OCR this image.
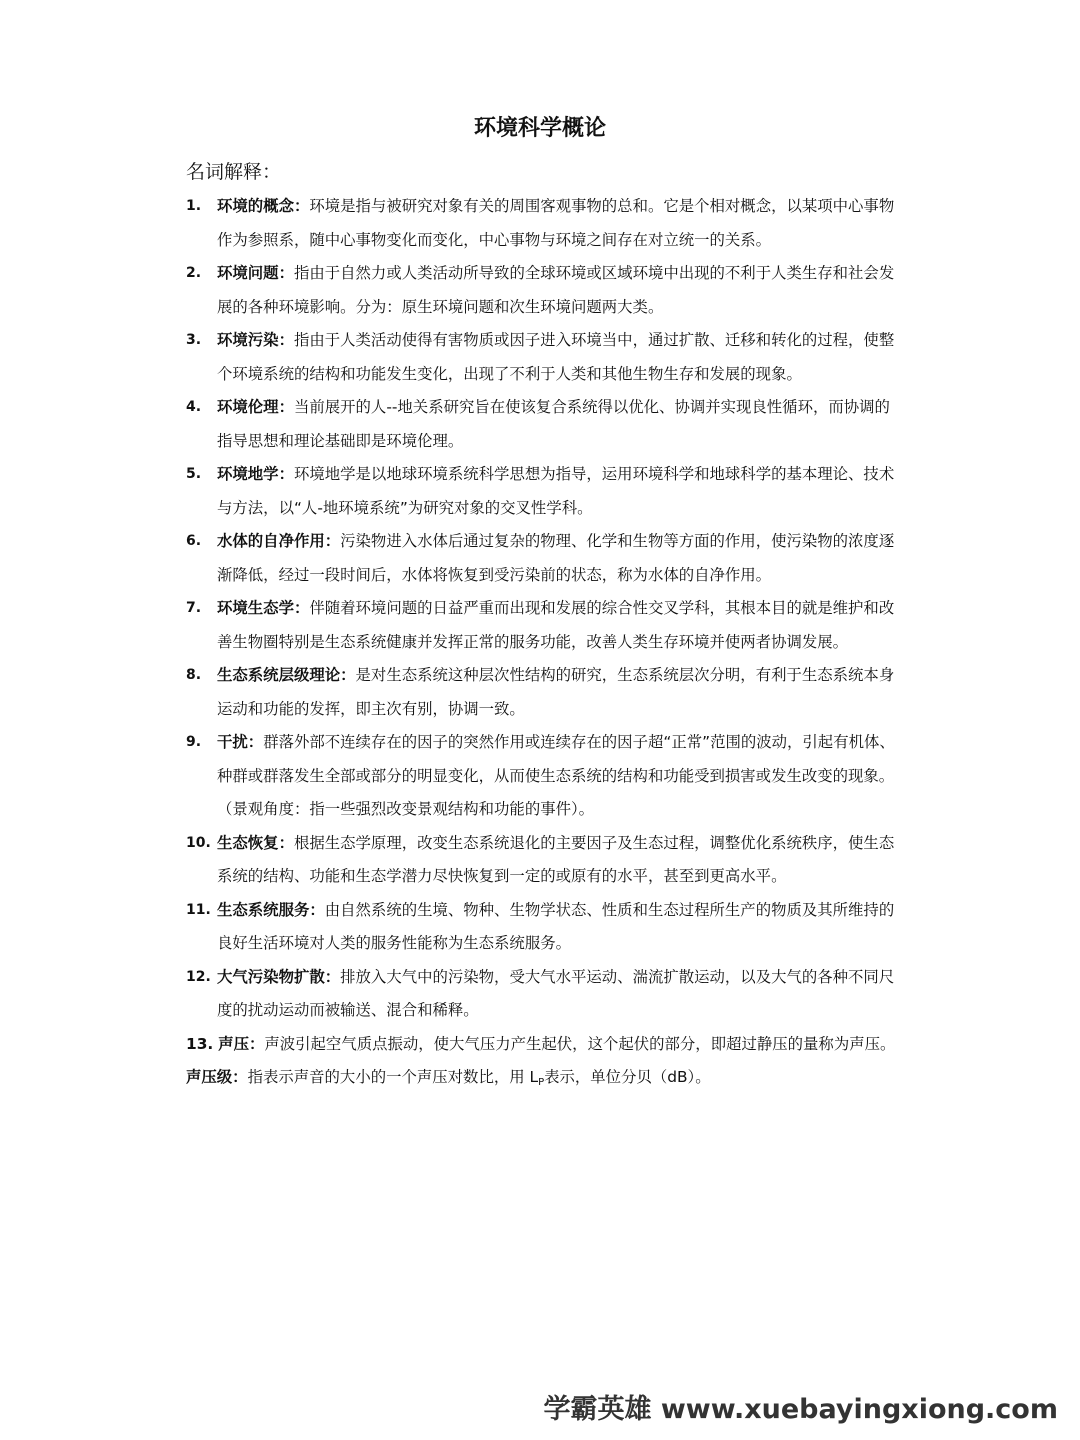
环境科学概论
名词解释：
1. 环境的概念：环境是指与被研究对象有关的周围客观事物的总和。它是个相对概念，以某项中心事物作为参照系，随中心事物变化而变化，中心事物与环境之间存在对立统一的关系。
2. 环境问题：指由于自然力或人类活动所导致的全球环境或区域环境中出现的不利于人类生存和社会发展的各种环境影响。分为：原生环境问题和次生环境问题两大类。
3. 环境污染：指由于人类活动使得有害物质或因子进入环境当中，通过扩散、迁移和转化的过程，使整个环境系统的结构和功能发生变化，出现了不利于人类和其他生物生存和发展的现象。
4. 环境伦理：当前展开的人--地关系研究旨在使该复合系统得以优化、协调并实现良性循环，而协调的指导思想和理论基础即是环境伦理。
5. 环境地学：环境地学是以地球环境系统科学思想为指导，运用环境科学和地球科学的基本理论、技术与方法，以“人-地环境系统”为研究对象的交叉性学科。
6. 水体的自净作用：污染物进入水体后通过复杂的物理、化学和生物等方面的作用，使污染物的浓度逐渐降低，经过一段时间后，水体将恢复到受污染前的状态，称为水体的自净作用。
7. 环境生态学：伴随着环境问题的日益严重而出现和发展的综合性交叉学科，其根本目的就是维护和改善生物圈特别是生态系统健康并发挥正常的服务功能，改善人类生存环境并使两者协调发展。
8. 生态系统层级理论：是对生态系统这种层次性结构的研究，生态系统层次分明，有利于生态系统本身运动和功能的发挥，即主次有别，协调一致。
9. 干扰：群落外部不连续存在的因子的突然作用或连续存在的因子超“正常”范围的波动，引起有机体、种群或群落发生全部或部分的明显变化，从而使生态系统的结构和功能受到损害或发生改变的现象。（景观角度：指一些强烈改变景观结构和功能的事件）。
10. 生态恢复：根据生态学原理，改变生态系统退化的主要因子及生态过程，调整优化系统秩序，使生态系统的结构、功能和生态学潜力尽快恢复到一定的或原有的水平，甚至到更高水平。
11. 生态系统服务：由自然系统的生境、物种、生物学状态、性质和生态过程所生产的物质及其所维持的良好生活环境对人类的服务性能称为生态系统服务。
12. 大气污染物扩散：排放入大气中的污染物，受大气水平运动、湍流扩散运动，以及大气的各种不同尺度的扰动运动而被输送、混合和稀释。

13. 声压：声波引起空气质点振动，使大气压力产生起伏，这个起伏的部分，即超过静压的量称为声压。

声压级：指表示声音的大小的一个声压对数比，用 $L_P$表示，单位分贝（dB）。

学霸英雄 www.xuebayingxiong.com
